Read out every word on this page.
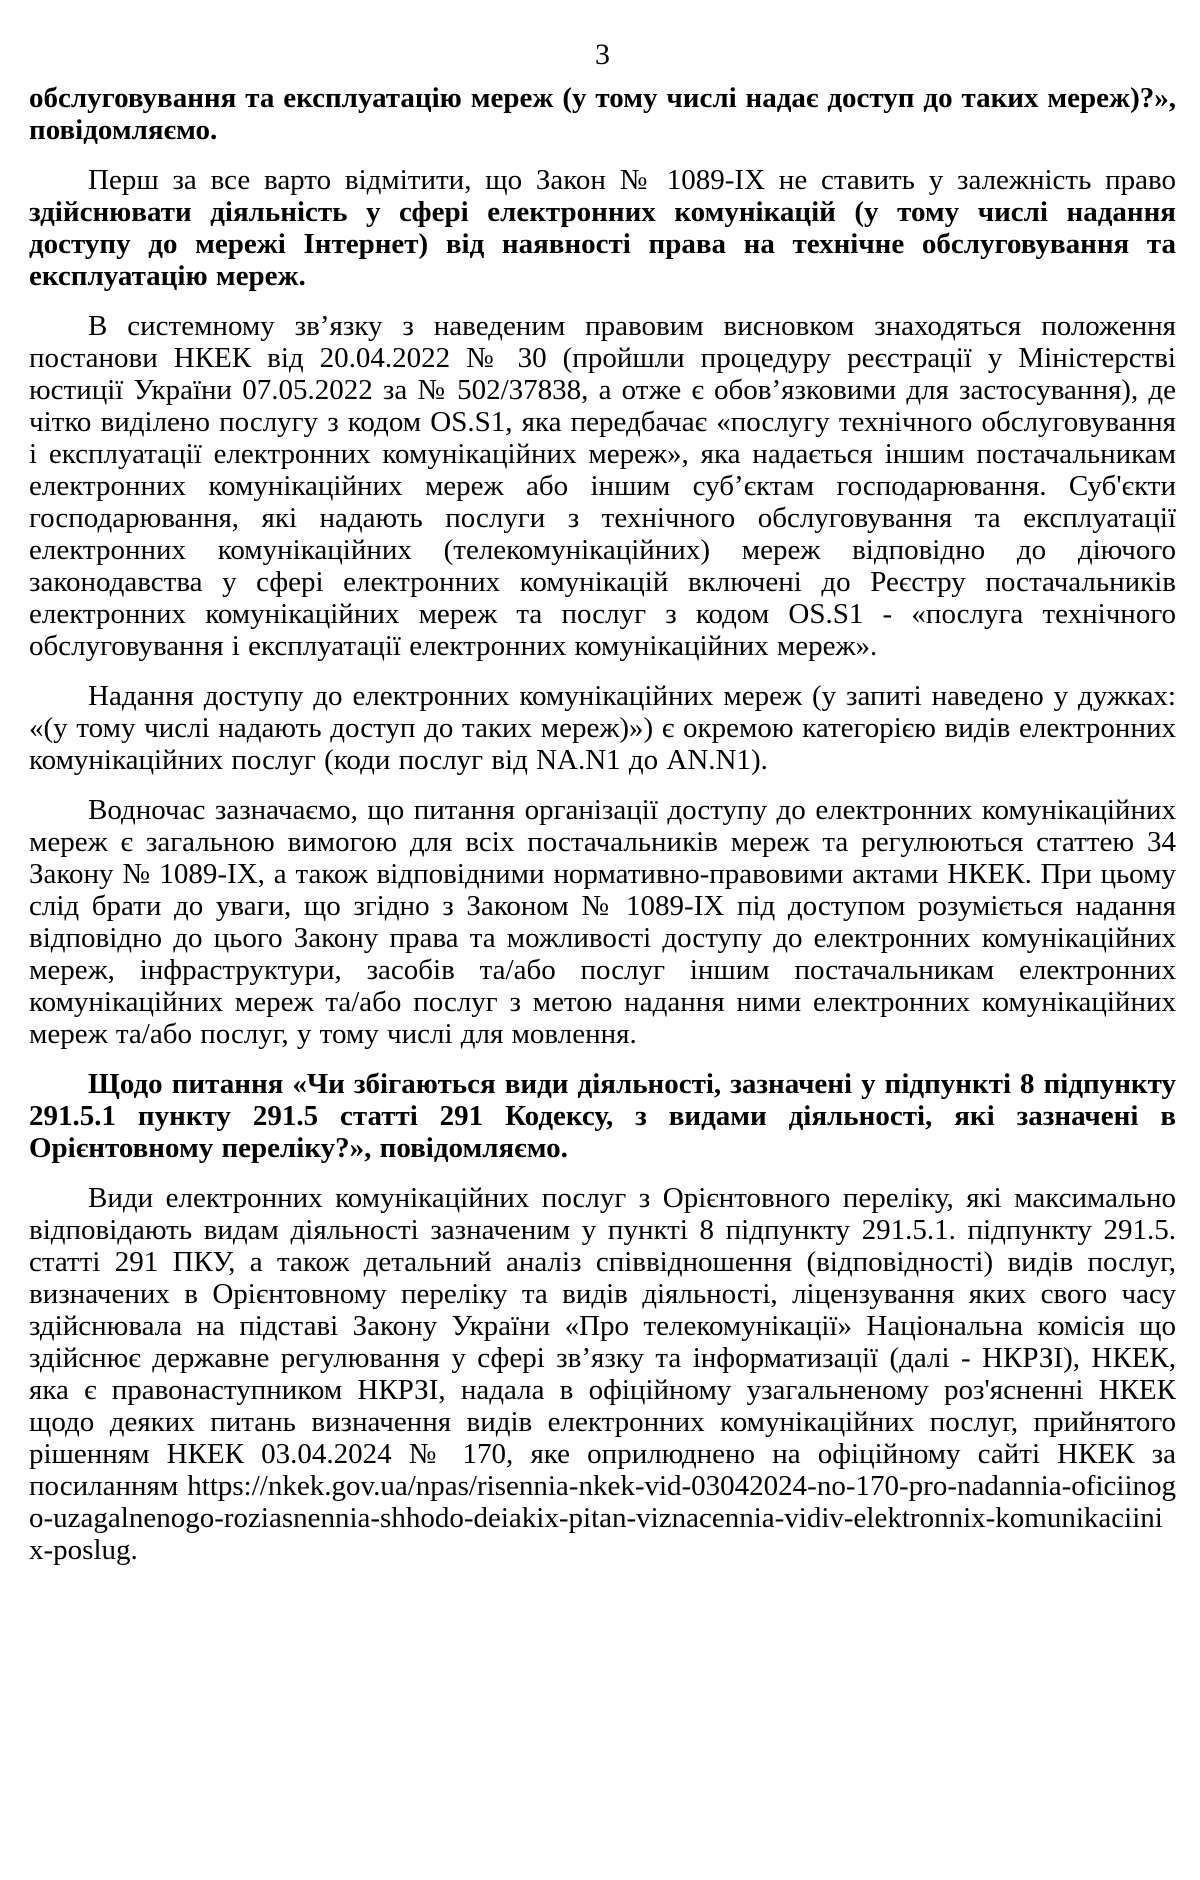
3

обслуговування та експлуатацію мереж (у тому числі надає доступ до таких мереж)?», повідомляємо.

Перш за все варто відмітити, що Закон № 1089-IX не ставить у залежність право здійснювати діяльність у сфері електронних комунікацій (у тому числі надання доступу до мережі Інтернет) від наявності права на технічне обслуговування та експлуатацію мереж.

В системному зв’язку з наведеним правовим висновком знаходяться положення постанови НКЕК від 20.04.2022 № 30 (пройшли процедуру реєстрації у Міністерстві юстиції України 07.05.2022 за № 502/37838, а отже є обов’язковими для застосування), де чітко виділено послугу з кодом OS.S1, яка передбачає «послугу технічного обслуговування і експлуатації електронних комунікаційних мереж», яка надається іншим постачальникам електронних комунікаційних мереж або іншим суб’єктам господарювання. Суб'єкти господарювання, які надають послуги з технічного обслуговування та експлуатації електронних комунікаційних (телекомунікаційних) мереж відповідно до діючого законодавства у сфері електронних комунікацій включені до Реєстру постачальників електронних комунікаційних мереж та послуг з кодом OS.S1 - «послуга технічного обслуговування і експлуатації електронних комунікаційних мереж».

Надання доступу до електронних комунікаційних мереж (у запиті наведено у дужках: «(у тому числі надають доступ до таких мереж)») є окремою категорією видів електронних комунікаційних послуг (коди послуг від NA.N1 до AN.N1).

Водночас зазначаємо, що питання організації доступу до електронних комунікаційних мереж є загальною вимогою для всіх постачальників мереж та регулюються статтею 34 Закону № 1089-IX, а також відповідними нормативно-правовими актами НКЕК. При цьому слід брати до уваги, що згідно з Законом № 1089-IX під доступом розуміється надання відповідно до цього Закону права та можливості доступу до електронних комунікаційних мереж, інфраструктури, засобів та/або послуг іншим постачальникам електронних комунікаційних мереж та/або послуг з метою надання ними електронних комунікаційних мереж та/або послуг, у тому числі для мовлення.

Щодо питання «Чи збігаються види діяльності, зазначені у підпункті 8 підпункту 291.5.1 пункту 291.5 статті 291 Кодексу, з видами діяльності, які зазначені в Орієнтовному переліку?», повідомляємо.

Види електронних комунікаційних послуг з Орієнтовного переліку, які максимально відповідають видам діяльності зазначеним у пункті 8 підпункту 291.5.1. підпункту 291.5. статті 291 ПКУ, а також детальний аналіз співвідношення (відповідності) видів послуг, визначених в Орієнтовному переліку та видів діяльності, ліцензування яких свого часу здійснювала на підставі Закону України «Про телекомунікації» Національна комісія що здійснює державне регулювання у сфері зв’язку та інформатизації (далі - НКРЗІ), НКЕК, яка є правонаступником НКРЗІ, надала в офіційному узагальненому роз'ясненні НКЕК щодо деяких питань визначення видів електронних комунікаційних послуг, прийнятого рішенням НКЕК 03.04.2024 № 170, яке оприлюднено на офіційному сайті НКЕК за посиланням https://nkek.gov.ua/npas/risennia-nkek-vid-03042024-no-170-pro-nadannia-oficiinogo-uzagalnenogo-roziasnennia-shhodo-deiakix-pitan-viznacennia-vidiv-elektronnix-komunikaciinix-poslug.
